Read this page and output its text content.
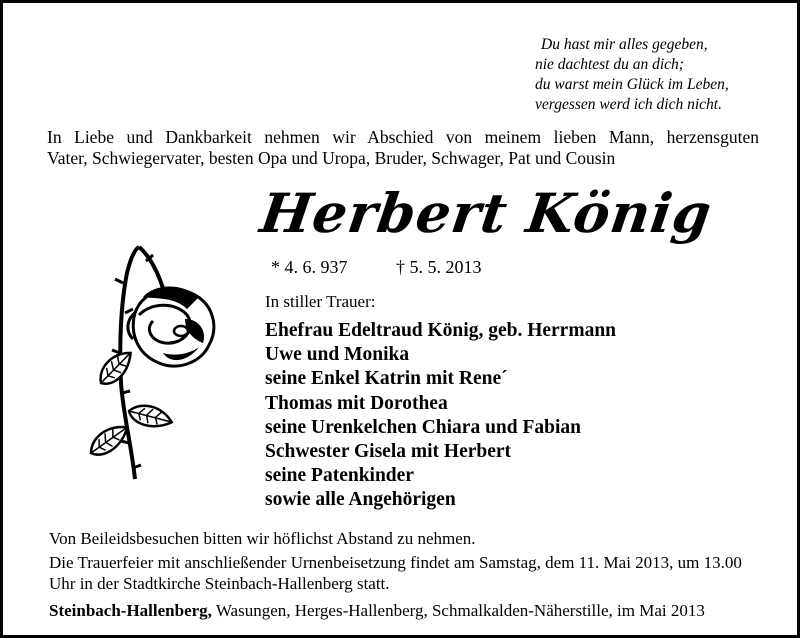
Du hast mir alles gegeben,
nie dachtest du an dich;
du warst mein Glück im Leben,
vergessen werd ich dich nicht.
In Liebe und Dankbarkeit nehmen wir Abschied von meinem lieben Mann, herzensguten
Vater, Schwiegervater, besten Opa und Uropa, Bruder, Schwager, Pat und Cousin
Herbert König
* 4. 6. 937	† 5. 5. 2013
In stiller Trauer:
Ehefrau Edeltraud König, geb. Herrmann
Uwe und Monika
seine Enkel Katrin mit Rene´
Thomas mit Dorothea
seine Urenkelchen Chiara und Fabian
Schwester Gisela mit Herbert
seine Patenkinder
sowie alle Angehörigen
Von Beileidsbesuchen bitten wir höflichst Abstand zu nehmen.
Die Trauerfeier mit anschließender Urnenbeisetzung findet am Samstag, dem 11. Mai 2013, um 13.00 Uhr in der Stadtkirche Steinbach-Hallenberg statt.
Steinbach-Hallenberg, Wasungen, Herges-Hallenberg, Schmalkalden-Näherstille, im Mai 2013
